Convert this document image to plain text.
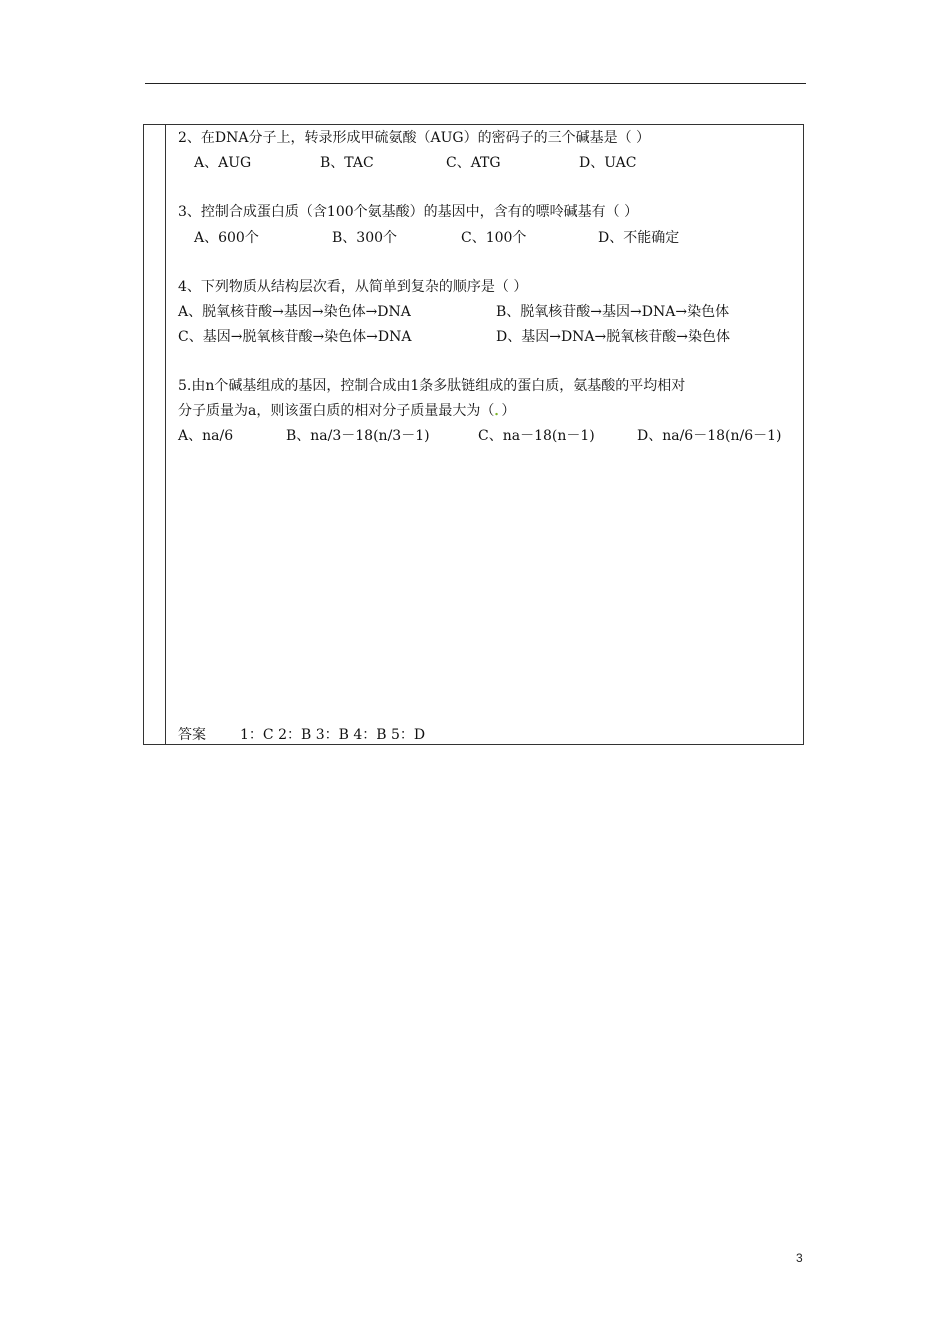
2、在DNA分子上，转录形成甲硫氨酸（AUG）的密码子的三个碱基是（ ）
A、AUG	B、TAC	C、ATG	D、UAC
3、控制合成蛋白质（含100个氨基酸）的基因中，含有的嘌呤碱基有（ ）
A、600个	B、300个	C、100个	D、不能确定
4、下列物质从结构层次看，从简单到复杂的顺序是（ ）
A、脱氧核苷酸→基因→染色体→DNA	B、脱氧核苷酸→基因→DNA→染色体
C、基因→脱氧核苷酸→染色体→DNA	D、基因→DNA→脱氧核苷酸→染色体
5.由n个碱基组成的基因，控制合成由1条多肽链组成的蛋白质，氨基酸的平均相对
分子质量为a，则该蛋白质的相对分子质量最大为（．）
A、na/6	B、na/3－18(n/3－1)	C、na－18(n－1)	D、na/6－18(n/6－1)
答案 1：C 2：B 3：B 4：B 5：D
3
